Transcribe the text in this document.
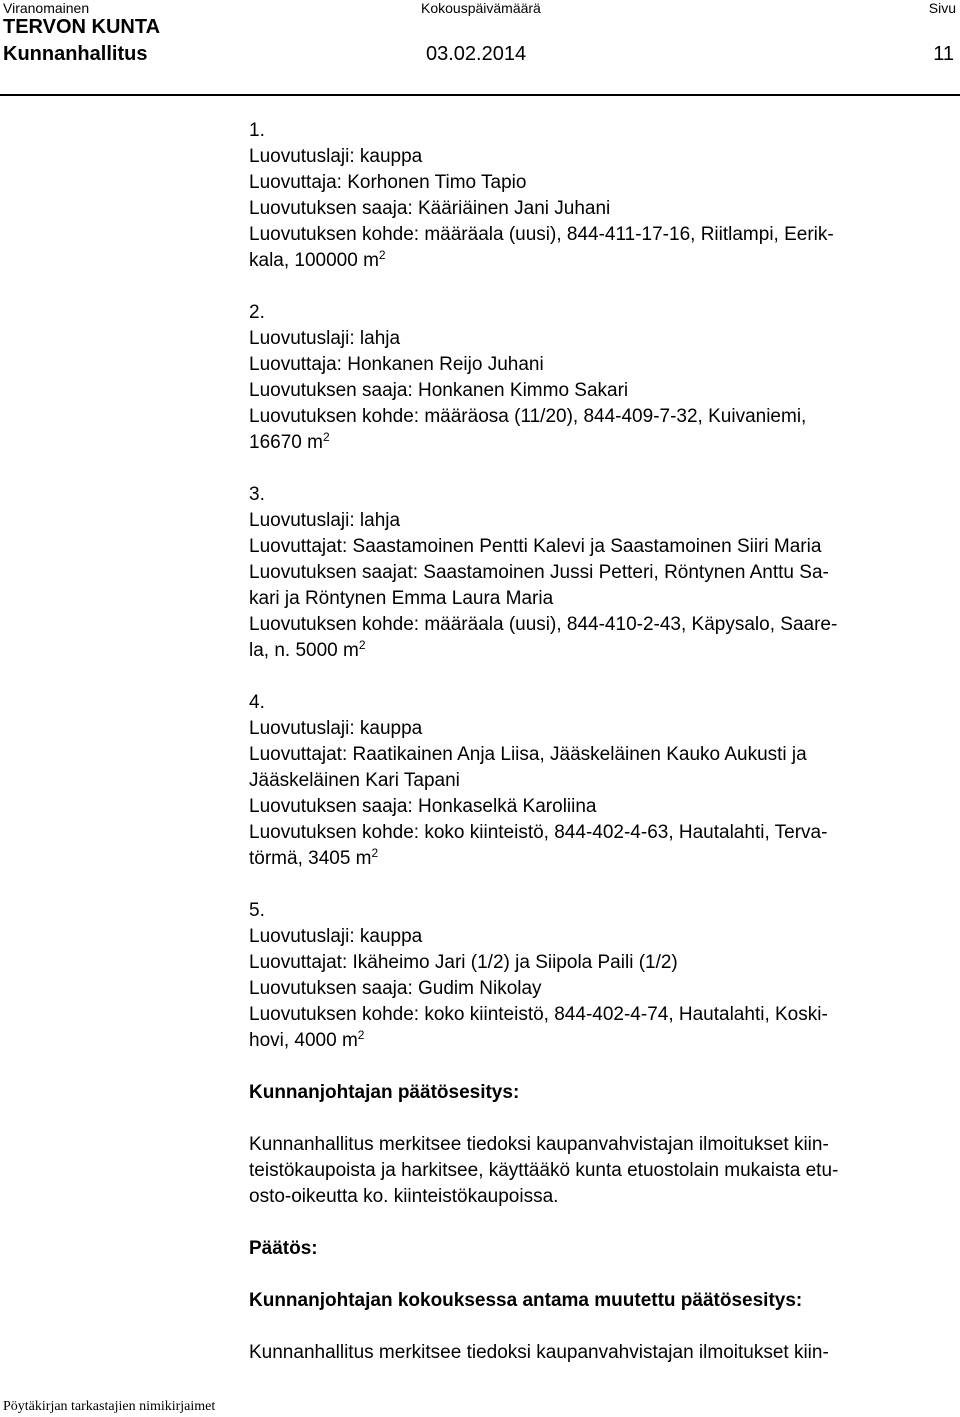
Viranomainen	Kokouspäivämäärä	Sivu
TERVON KUNTA
Kunnanhallitus	03.02.2014	11
1.
Luovutuslaji: kauppa
Luovuttaja: Korhonen Timo Tapio
Luovutuksen saaja: Kääriäinen Jani Juhani
Luovutuksen kohde: määräala (uusi), 844-411-17-16, Riitlampi, Eerik-
kala, 100000 $m^2$
2.
Luovutuslaji: lahja
Luovuttaja: Honkanen Reijo Juhani
Luovutuksen saaja: Honkanen Kimmo Sakari
Luovutuksen kohde: määräosa (11/20), 844-409-7-32, Kuivaniemi,
16670 $m^2$
3.
Luovutuslaji: lahja
Luovuttajat: Saastamoinen Pentti Kalevi ja Saastamoinen Siiri Maria
Luovutuksen saajat: Saastamoinen Jussi Petteri, Röntynen Anttu Sa-
kari ja Röntynen Emma Laura Maria
Luovutuksen kohde: määräala (uusi), 844-410-2-43, Käpysalo, Saare-
la, n. 5000 $m^2$
4.
Luovutuslaji: kauppa
Luovuttajat: Raatikainen Anja Liisa, Jääskeläinen Kauko Aukusti ja
Jääskeläinen Kari Tapani
Luovutuksen saaja: Honkaselkä Karoliina
Luovutuksen kohde: koko kiinteistö, 844-402-4-63, Hautalahti, Terva-
törmä, 3405 $m^2$
5.
Luovutuslaji: kauppa
Luovuttajat: Ikäheimo Jari (1/2) ja Siipola Paili (1/2)
Luovutuksen saaja: Gudim Nikolay
Luovutuksen kohde: koko kiinteistö, 844-402-4-74, Hautalahti, Koski-
hovi, 4000 $m^2$
Kunnanjohtajan päätösesitys:
Kunnanhallitus merkitsee tiedoksi kaupanvahvistajan ilmoitukset kiin-
teistökaupoista ja harkitsee, käyttääkö kunta etuostolain mukaista etu-
osto-oikeutta ko. kiinteistökaupoissa.
Päätös:
Kunnanjohtajan kokouksessa antama muutettu päätösesitys:
Kunnanhallitus merkitsee tiedoksi kaupanvahvistajan ilmoitukset kiin-
Pöytäkirjan tarkastajien nimikirjaimet
